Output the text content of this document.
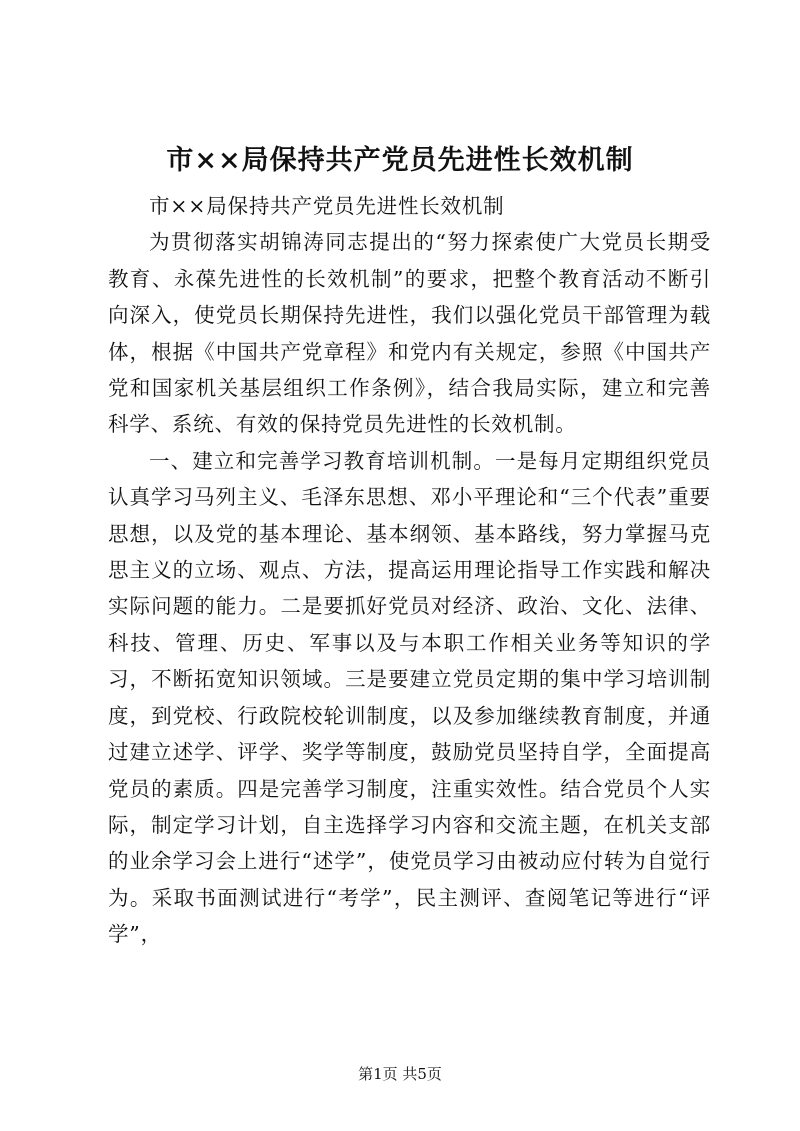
市××局保持共产党员先进性长效机制

市××局保持共产党员先进性长效机制

为贯彻落实胡锦涛同志提出的“努力探索使广大党员长期受教育、永葆先进性的长效机制”的要求，把整个教育活动不断引向深入，使党员长期保持先进性，我们以强化党员干部管理为载体，根据《中国共产党章程》和党内有关规定，参照《中国共产党和国家机关基层组织工作条例》，结合我局实际，建立和完善科学、系统、有效的保持党员先进性的长效机制。

一、建立和完善学习教育培训机制。一是每月定期组织党员认真学习马列主义、毛泽东思想、邓小平理论和“三个代表”重要思想，以及党的基本理论、基本纲领、基本路线，努力掌握马克思主义的立场、观点、方法，提高运用理论指导工作实践和解决实际问题的能力。二是要抓好党员对经济、政治、文化、法律、科技、管理、历史、军事以及与本职工作相关业务等知识的学习，不断拓宽知识领域。三是要建立党员定期的集中学习培训制度，到党校、行政院校轮训制度，以及参加继续教育制度，并通过建立述学、评学、奖学等制度，鼓励党员坚持自学，全面提高党员的素质。四是完善学习制度，注重实效性。结合党员个人实际，制定学习计划，自主选择学习内容和交流主题，在机关支部的业余学习会上进行“述学”，使党员学习由被动应付转为自觉行为。采取书面测试进行“考学”，民主测评、查阅笔记等进行“评学”，

第1页 共5页
